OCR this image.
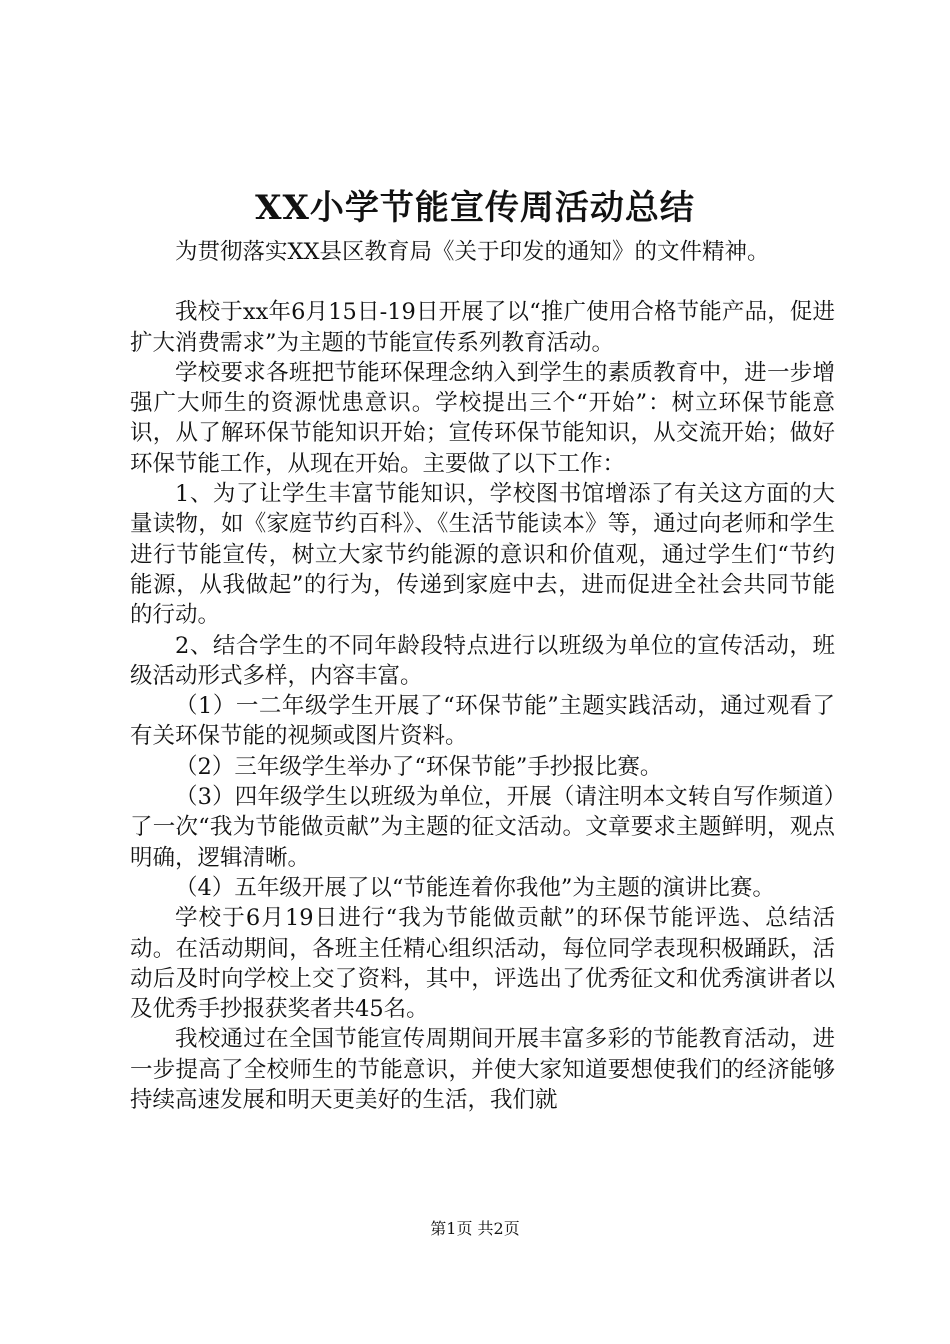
XX小学节能宣传周活动总结

为贯彻落实XX县区教育局《关于印发的通知》的文件精神。

我校于xx年6月15日-19日开展了以“推广使用合格节能产品，促进扩大消费需求”为主题的节能宣传系列教育活动。

学校要求各班把节能环保理念纳入到学生的素质教育中，进一步增强广大师生的资源忧患意识。学校提出三个“开始”：树立环保节能意识，从了解环保节能知识开始；宣传环保节能知识，从交流开始；做好环保节能工作，从现在开始。主要做了以下工作：

1、为了让学生丰富节能知识，学校图书馆增添了有关这方面的大量读物，如《家庭节约百科》、《生活节能读本》等，通过向老师和学生进行节能宣传，树立大家节约能源的意识和价值观，通过学生们“节约能源，从我做起”的行为，传递到家庭中去，进而促进全社会共同节能的行动。

2、结合学生的不同年龄段特点进行以班级为单位的宣传活动，班级活动形式多样，内容丰富。

（1）一二年级学生开展了“环保节能”主题实践活动，通过观看了有关环保节能的视频或图片资料。

（2）三年级学生举办了“环保节能”手抄报比赛。

（3）四年级学生以班级为单位，开展（请注明本文转自写作频道）了一次“我为节能做贡献”为主题的征文活动。文章要求主题鲜明，观点明确，逻辑清晰。

（4）五年级开展了以“节能连着你我他”为主题的演讲比赛。

学校于6月19日进行“我为节能做贡献”的环保节能评选、总结活动。在活动期间，各班主任精心组织活动，每位同学表现积极踊跃，活动后及时向学校上交了资料，其中，评选出了优秀征文和优秀演讲者以及优秀手抄报获奖者共45名。

我校通过在全国节能宣传周期间开展丰富多彩的节能教育活动，进一步提高了全校师生的节能意识，并使大家知道要想使我们的经济能够持续高速发展和明天更美好的生活，我们就

第1页 共2页
